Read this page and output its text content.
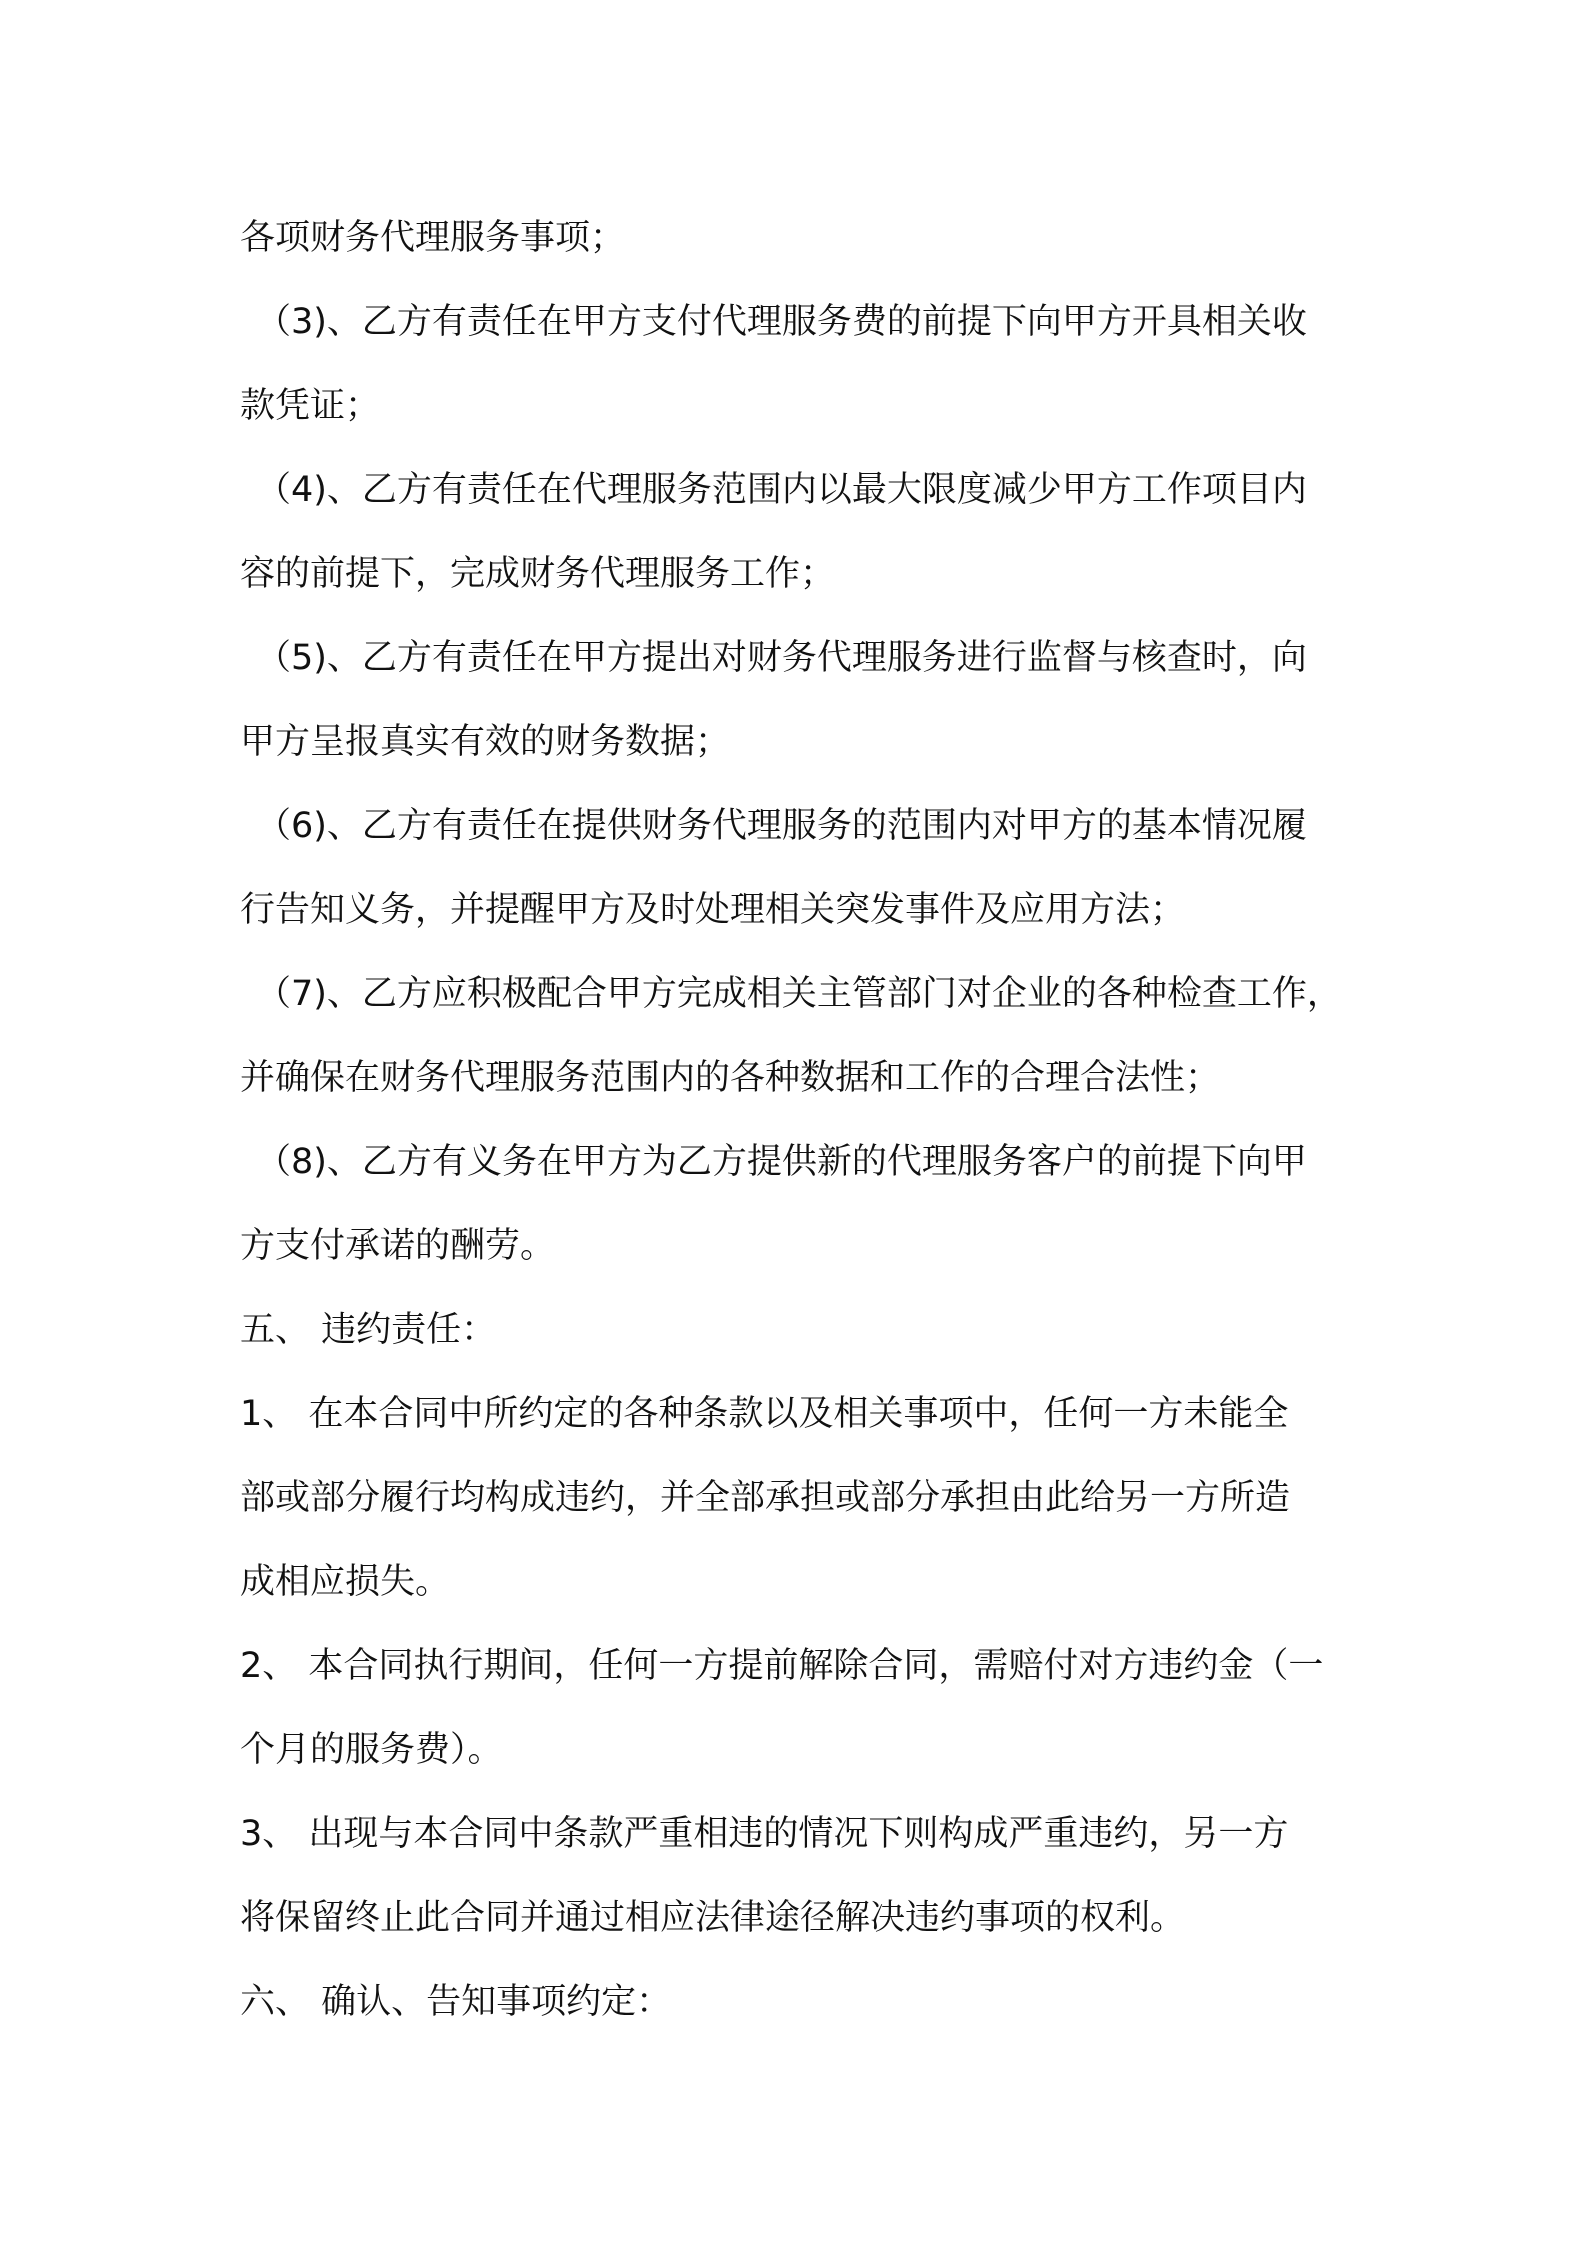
各项财务代理服务事项；
（3)、乙方有责任在甲方支付代理服务费的前提下向甲方开具相关收
款凭证；
（4)、乙方有责任在代理服务范围内以最大限度减少甲方工作项目内
容的前提下，完成财务代理服务工作；
（5)、乙方有责任在甲方提出对财务代理服务进行监督与核查时，向
甲方呈报真实有效的财务数据；
（6)、乙方有责任在提供财务代理服务的范围内对甲方的基本情况履
行告知义务，并提醒甲方及时处理相关突发事件及应用方法；
（7)、乙方应积极配合甲方完成相关主管部门对企业的各种检查工作，
并确保在财务代理服务范围内的各种数据和工作的合理合法性；
（8)、乙方有义务在甲方为乙方提供新的代理服务客户的前提下向甲
方支付承诺的酬劳。
五、 违约责任：
1、 在本合同中所约定的各种条款以及相关事项中，任何一方未能全
部或部分履行均构成违约，并全部承担或部分承担由此给另一方所造
成相应损失。
2、 本合同执行期间，任何一方提前解除合同，需赔付对方违约金（一
个月的服务费）。
3、 出现与本合同中条款严重相违的情况下则构成严重违约，另一方
将保留终止此合同并通过相应法律途径解决违约事项的权利。
六、 确认、告知事项约定：
